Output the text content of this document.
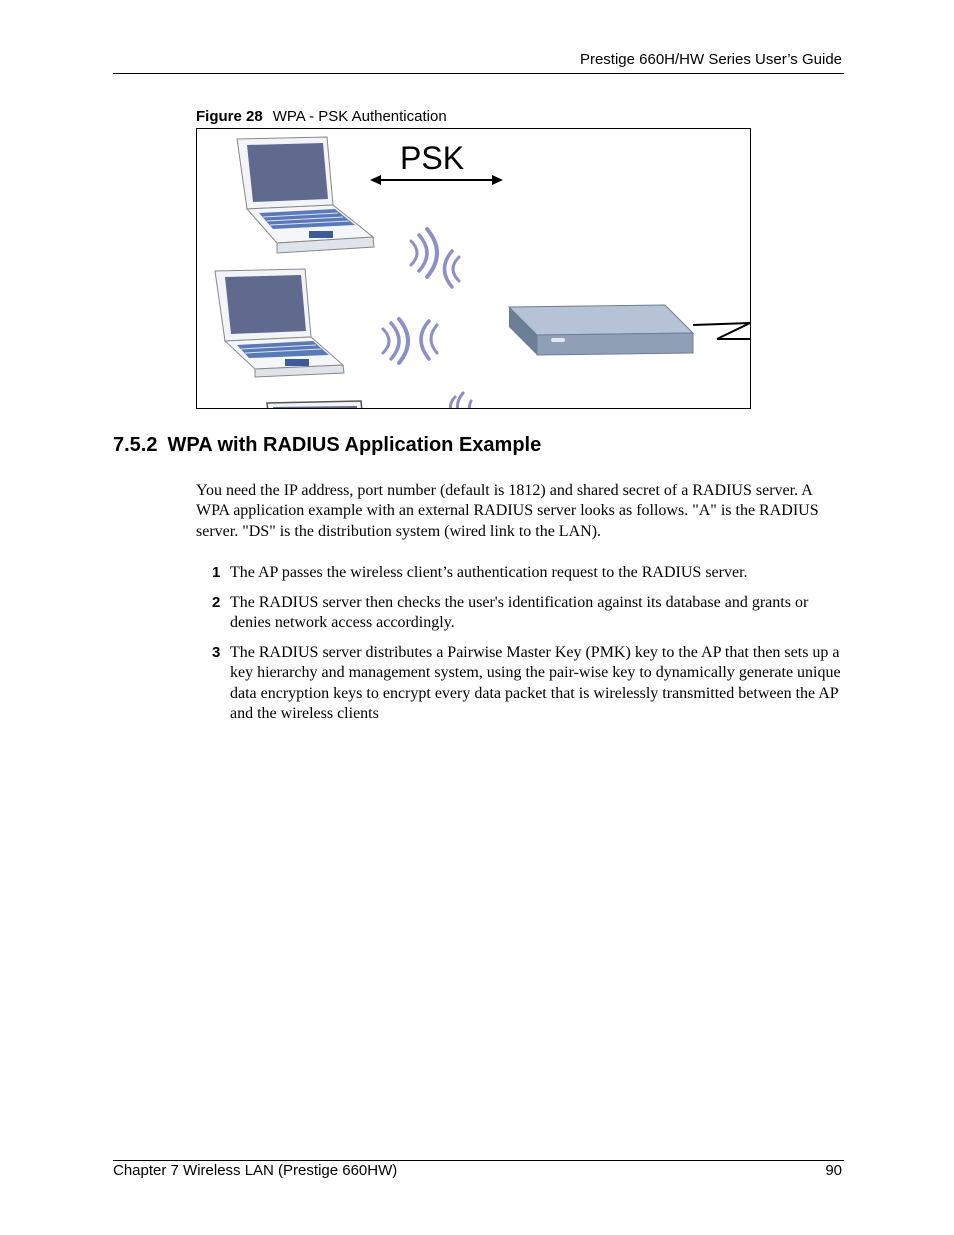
Prestige 660H/HW Series User’s Guide
Figure 28 WPA - PSK Authentication
PSK
7.5.2 WPA with RADIUS Application Example
You need the IP address, port number (default is 1812) and shared secret of a RADIUS server. A WPA application example with an external RADIUS server looks as follows. "A" is the RADIUS server. "DS" is the distribution system (wired link to the LAN).
1 The AP passes the wireless client’s authentication request to the RADIUS server.
2 The RADIUS server then checks the user's identification against its database and grants or denies network access accordingly.
3 The RADIUS server distributes a Pairwise Master Key (PMK) key to the AP that then sets up a key hierarchy and management system, using the pair-wise key to dynamically generate unique data encryption keys to encrypt every data packet that is wirelessly transmitted between the AP and the wireless clients
Chapter 7 Wireless LAN (Prestige 660HW)	90
